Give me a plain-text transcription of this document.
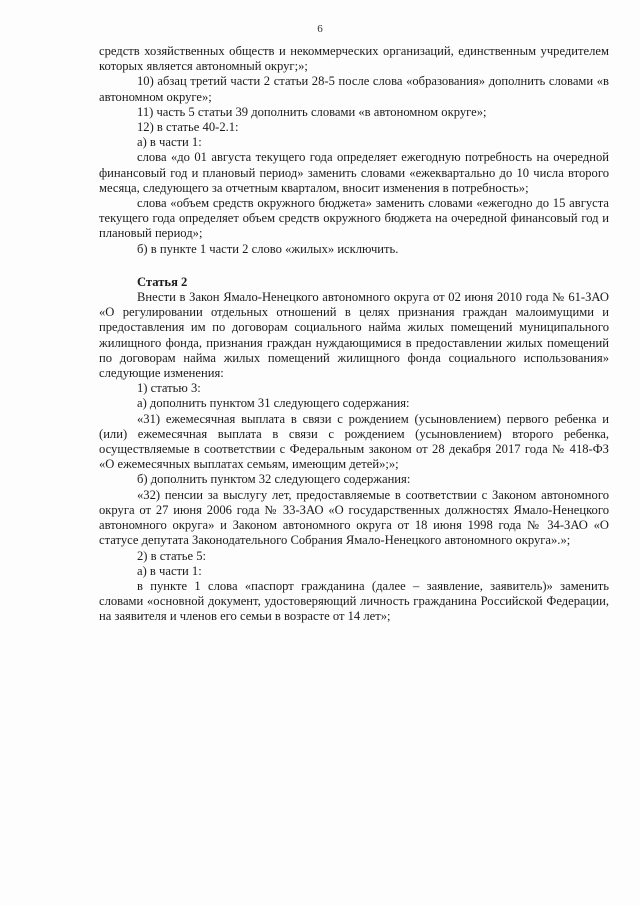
6

средств хозяйственных обществ и некоммерческих организаций, единственным учредителем которых является автономный округ;»;

10) абзац третий части 2 статьи 28-5 после слова «образования» дополнить словами «в автономном округе»;

11) часть 5 статьи 39 дополнить словами «в автономном округе»;

12) в статье 40-2.1:

а) в части 1:

слова «до 01 августа текущего года определяет ежегодную потребность на очередной финансовый год и плановый период» заменить словами «ежеквартально до 10 числа второго месяца, следующего за отчетным кварталом, вносит изменения в потребность»;

слова «объем средств окружного бюджета» заменить словами «ежегодно до 15 августа текущего года определяет объем средств окружного бюджета на очередной финансовый год и плановый период»;

б) в пункте 1 части 2 слово «жилых» исключить.

Статья 2

Внести в Закон Ямало-Ненецкого автономного округа от 02 июня 2010 года № 61-ЗАО «О регулировании отдельных отношений в целях признания граждан малоимущими и предоставления им по договорам социального найма жилых помещений муниципального жилищного фонда, признания граждан нуждающимися в предоставлении жилых помещений по договорам найма жилых помещений жилищного фонда социального использования» следующие изменения:

1) статью 3:

а) дополнить пунктом 31 следующего содержания:

«31) ежемесячная выплата в связи с рождением (усыновлением) первого ребенка и (или) ежемесячная выплата в связи с рождением (усыновлением) второго ребенка, осуществляемые в соответствии с Федеральным законом от 28 декабря 2017 года № 418-ФЗ «О ежемесячных выплатах семьям, имеющим детей»;»;

б) дополнить пунктом 32 следующего содержания:

«32) пенсии за выслугу лет, предоставляемые в соответствии с Законом автономного округа от 27 июня 2006 года № 33-ЗАО «О государственных должностях Ямало-Ненецкого автономного округа» и Законом автономного округа от 18 июня 1998 года № 34-ЗАО «О статусе депутата Законодательного Собрания Ямало-Ненецкого автономного округа».»;

2) в статье 5:

а) в части 1:

в пункте 1 слова «паспорт гражданина (далее – заявление, заявитель)» заменить словами «основной документ, удостоверяющий личность гражданина Российской Федерации, на заявителя и членов его семьи в возрасте от 14 лет»;
